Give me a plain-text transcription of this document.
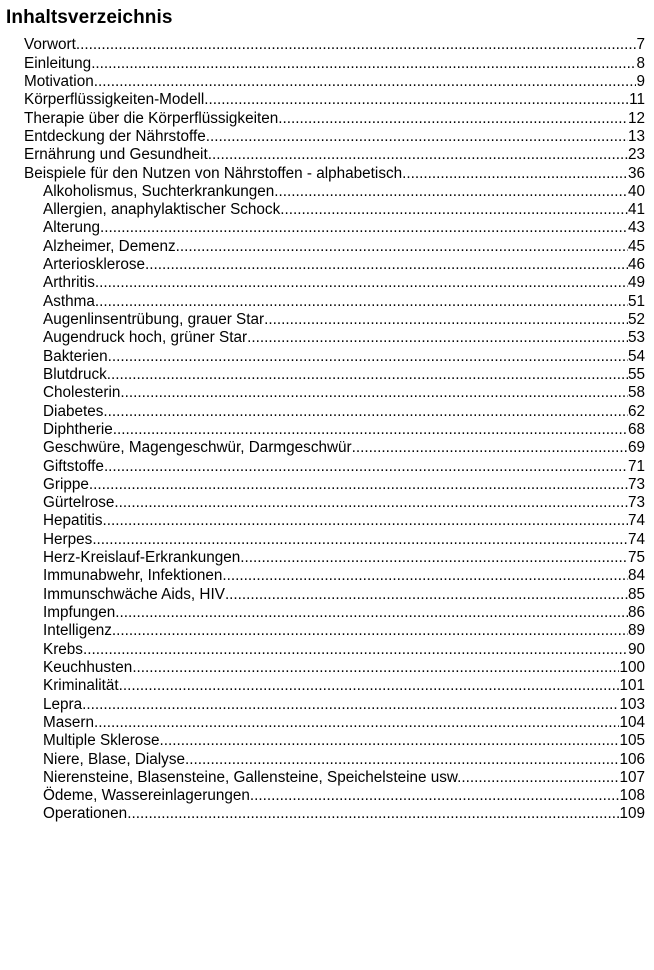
Inhaltsverzeichnis
Vorwort .....	7
Einleitung .....	8
Motivation .....	9
Körperflüssigkeiten-Modell .....	11
Therapie über die Körperflüssigkeiten .....	12
Entdeckung der Nährstoffe .....	13
Ernährung und Gesundheit .....	23
Beispiele für den Nutzen von Nährstoffen - alphabetisch .....	36
Alkoholismus, Suchterkrankungen .....	40
Allergien, anaphylaktischer Schock .....	41
Alterung .....	43
Alzheimer, Demenz .....	45
Arteriosklerose .....	46
Arthritis .....	49
Asthma .....	51
Augenlinsentrübung, grauer Star .....	52
Augendruck hoch, grüner Star .....	53
Bakterien .....	54
Blutdruck .....	55
Cholesterin .....	58
Diabetes .....	62
Diphtherie .....	68
Geschwüre, Magengeschwür, Darmgeschwür .....	69
Giftstoffe .....	71
Grippe .....	73
Gürtelrose .....	73
Hepatitis .....	74
Herpes .....	74
Herz-Kreislauf-Erkrankungen .....	75
Immunabwehr, Infektionen .....	84
Immunschwäche Aids, HIV .....	85
Impfungen .....	86
Intelligenz .....	89
Krebs .....	90
Keuchhusten .....	100
Kriminalität .....	101
Lepra .....	103
Masern .....	104
Multiple Sklerose .....	105
Niere, Blase, Dialyse .....	106
Nierensteine, Blasensteine, Gallensteine, Speichelsteine usw. .....	107
Ödeme, Wassereinlagerungen .....	108
Operationen .....	109
